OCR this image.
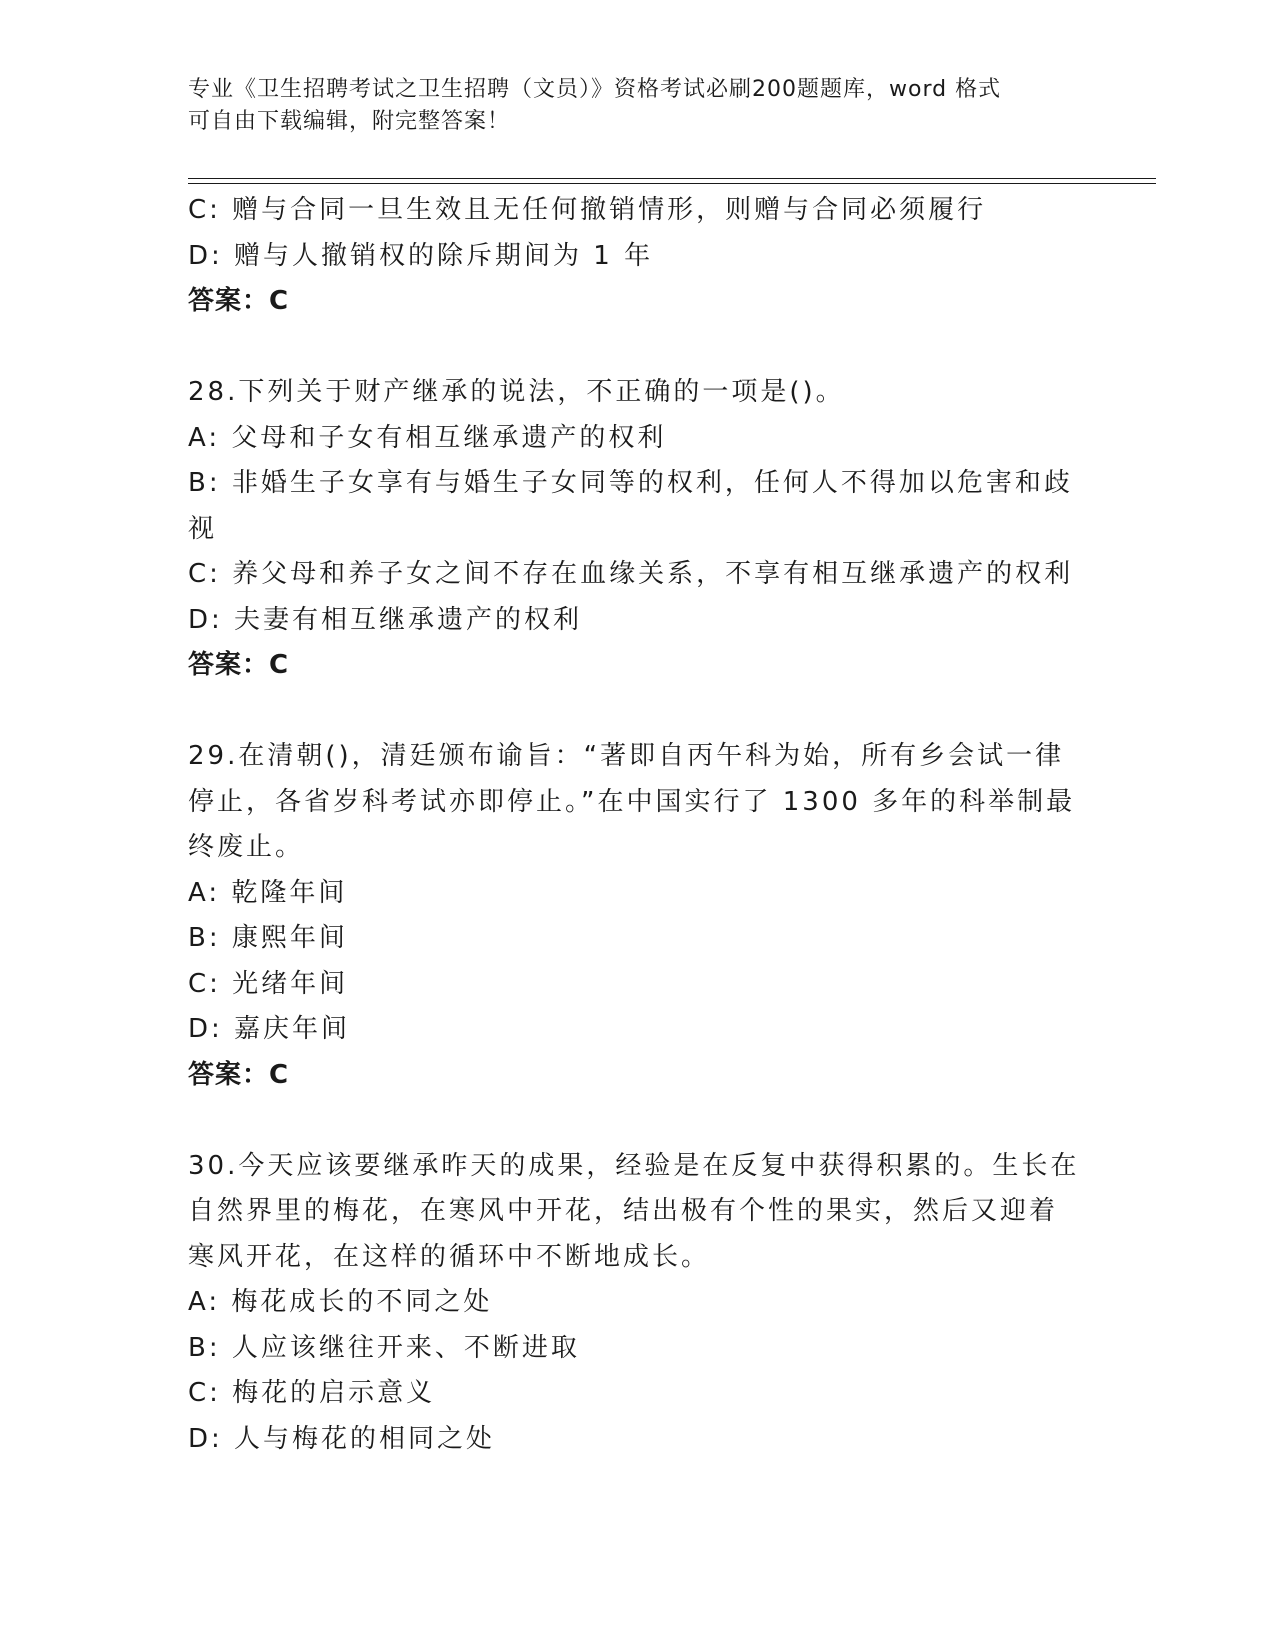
专业《卫生招聘考试之卫生招聘（文员）》资格考试必刷200题题库，word 格式
可自由下载编辑，附完整答案！
C: 赠与合同一旦生效且无任何撤销情形，则赠与合同必须履行
D: 赠与人撤销权的除斥期间为 1 年
答案：C
28.下列关于财产继承的说法，不正确的一项是()。
A: 父母和子女有相互继承遗产的权利
B: 非婚生子女享有与婚生子女同等的权利，任何人不得加以危害和歧
视
C: 养父母和养子女之间不存在血缘关系，不享有相互继承遗产的权利
D: 夫妻有相互继承遗产的权利
答案：C
29.在清朝()，清廷颁布谕旨：“著即自丙午科为始，所有乡会试一律
停止，各省岁科考试亦即停止。”在中国实行了 1300 多年的科举制最
终废止。
A: 乾隆年间
B: 康熙年间
C: 光绪年间
D: 嘉庆年间
答案：C
30.今天应该要继承昨天的成果，经验是在反复中获得积累的。生长在
自然界里的梅花，在寒风中开花，结出极有个性的果实，然后又迎着
寒风开花，在这样的循环中不断地成长。
A: 梅花成长的不同之处
B: 人应该继往开来、不断进取
C: 梅花的启示意义
D: 人与梅花的相同之处
